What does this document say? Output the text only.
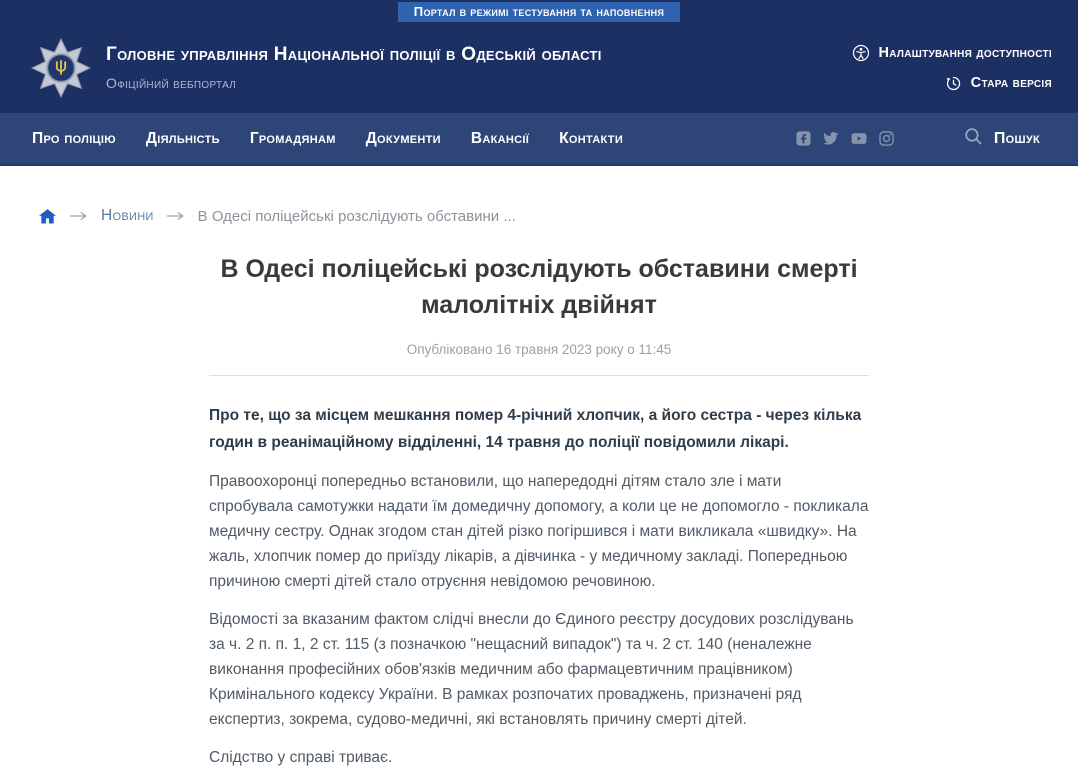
Портал в режимі тестування та наповнення
Головне управління Національної поліції в Одеській області
Офіційний вебпортал
Налаштування доступності
Стара версія
Про поліцію Діяльність Громадянам Документи Вакансії Контакти	Пошук
Новини	В Одесі поліцейські розслідують обставини ...
В Одесі поліцейські розслідують обставини смерті малолітніх двійнят
Опубліковано 16 травня 2023 року о 11:45

Про те, що за місцем мешкання помер 4-річний хлопчик, а його сестра - через кілька годин в реанімаційному відділенні, 14 травня до поліції повідомили лікарі.

Правоохоронці попередньо встановили, що напередодні дітям стало зле і мати спробувала самотужки надати їм домедичну допомогу, а коли це не допомогло - покликала медичну сестру. Однак згодом стан дітей різко погіршився і мати викликала «швидку». На жаль, хлопчик помер до приїзду лікарів, а дівчинка - у медичному закладі. Попередньою причиною смерті дітей стало отруєння невідомою речовиною.

Відомості за вказаним фактом слідчі внесли до Єдиного реєстру досудових розслідувань за ч. 2 п. п. 1, 2 ст. 115 (з позначкою "нещасний випадок") та ч. 2 ст. 140 (неналежне виконання професійних обов'язків медичним або фармацевтичним працівником) Кримінального кодексу України. В рамках розпочатих проваджень, призначені ряд експертиз, зокрема, судово-медичні, які встановлять причину смерті дітей.

Слідство у справі триває.
